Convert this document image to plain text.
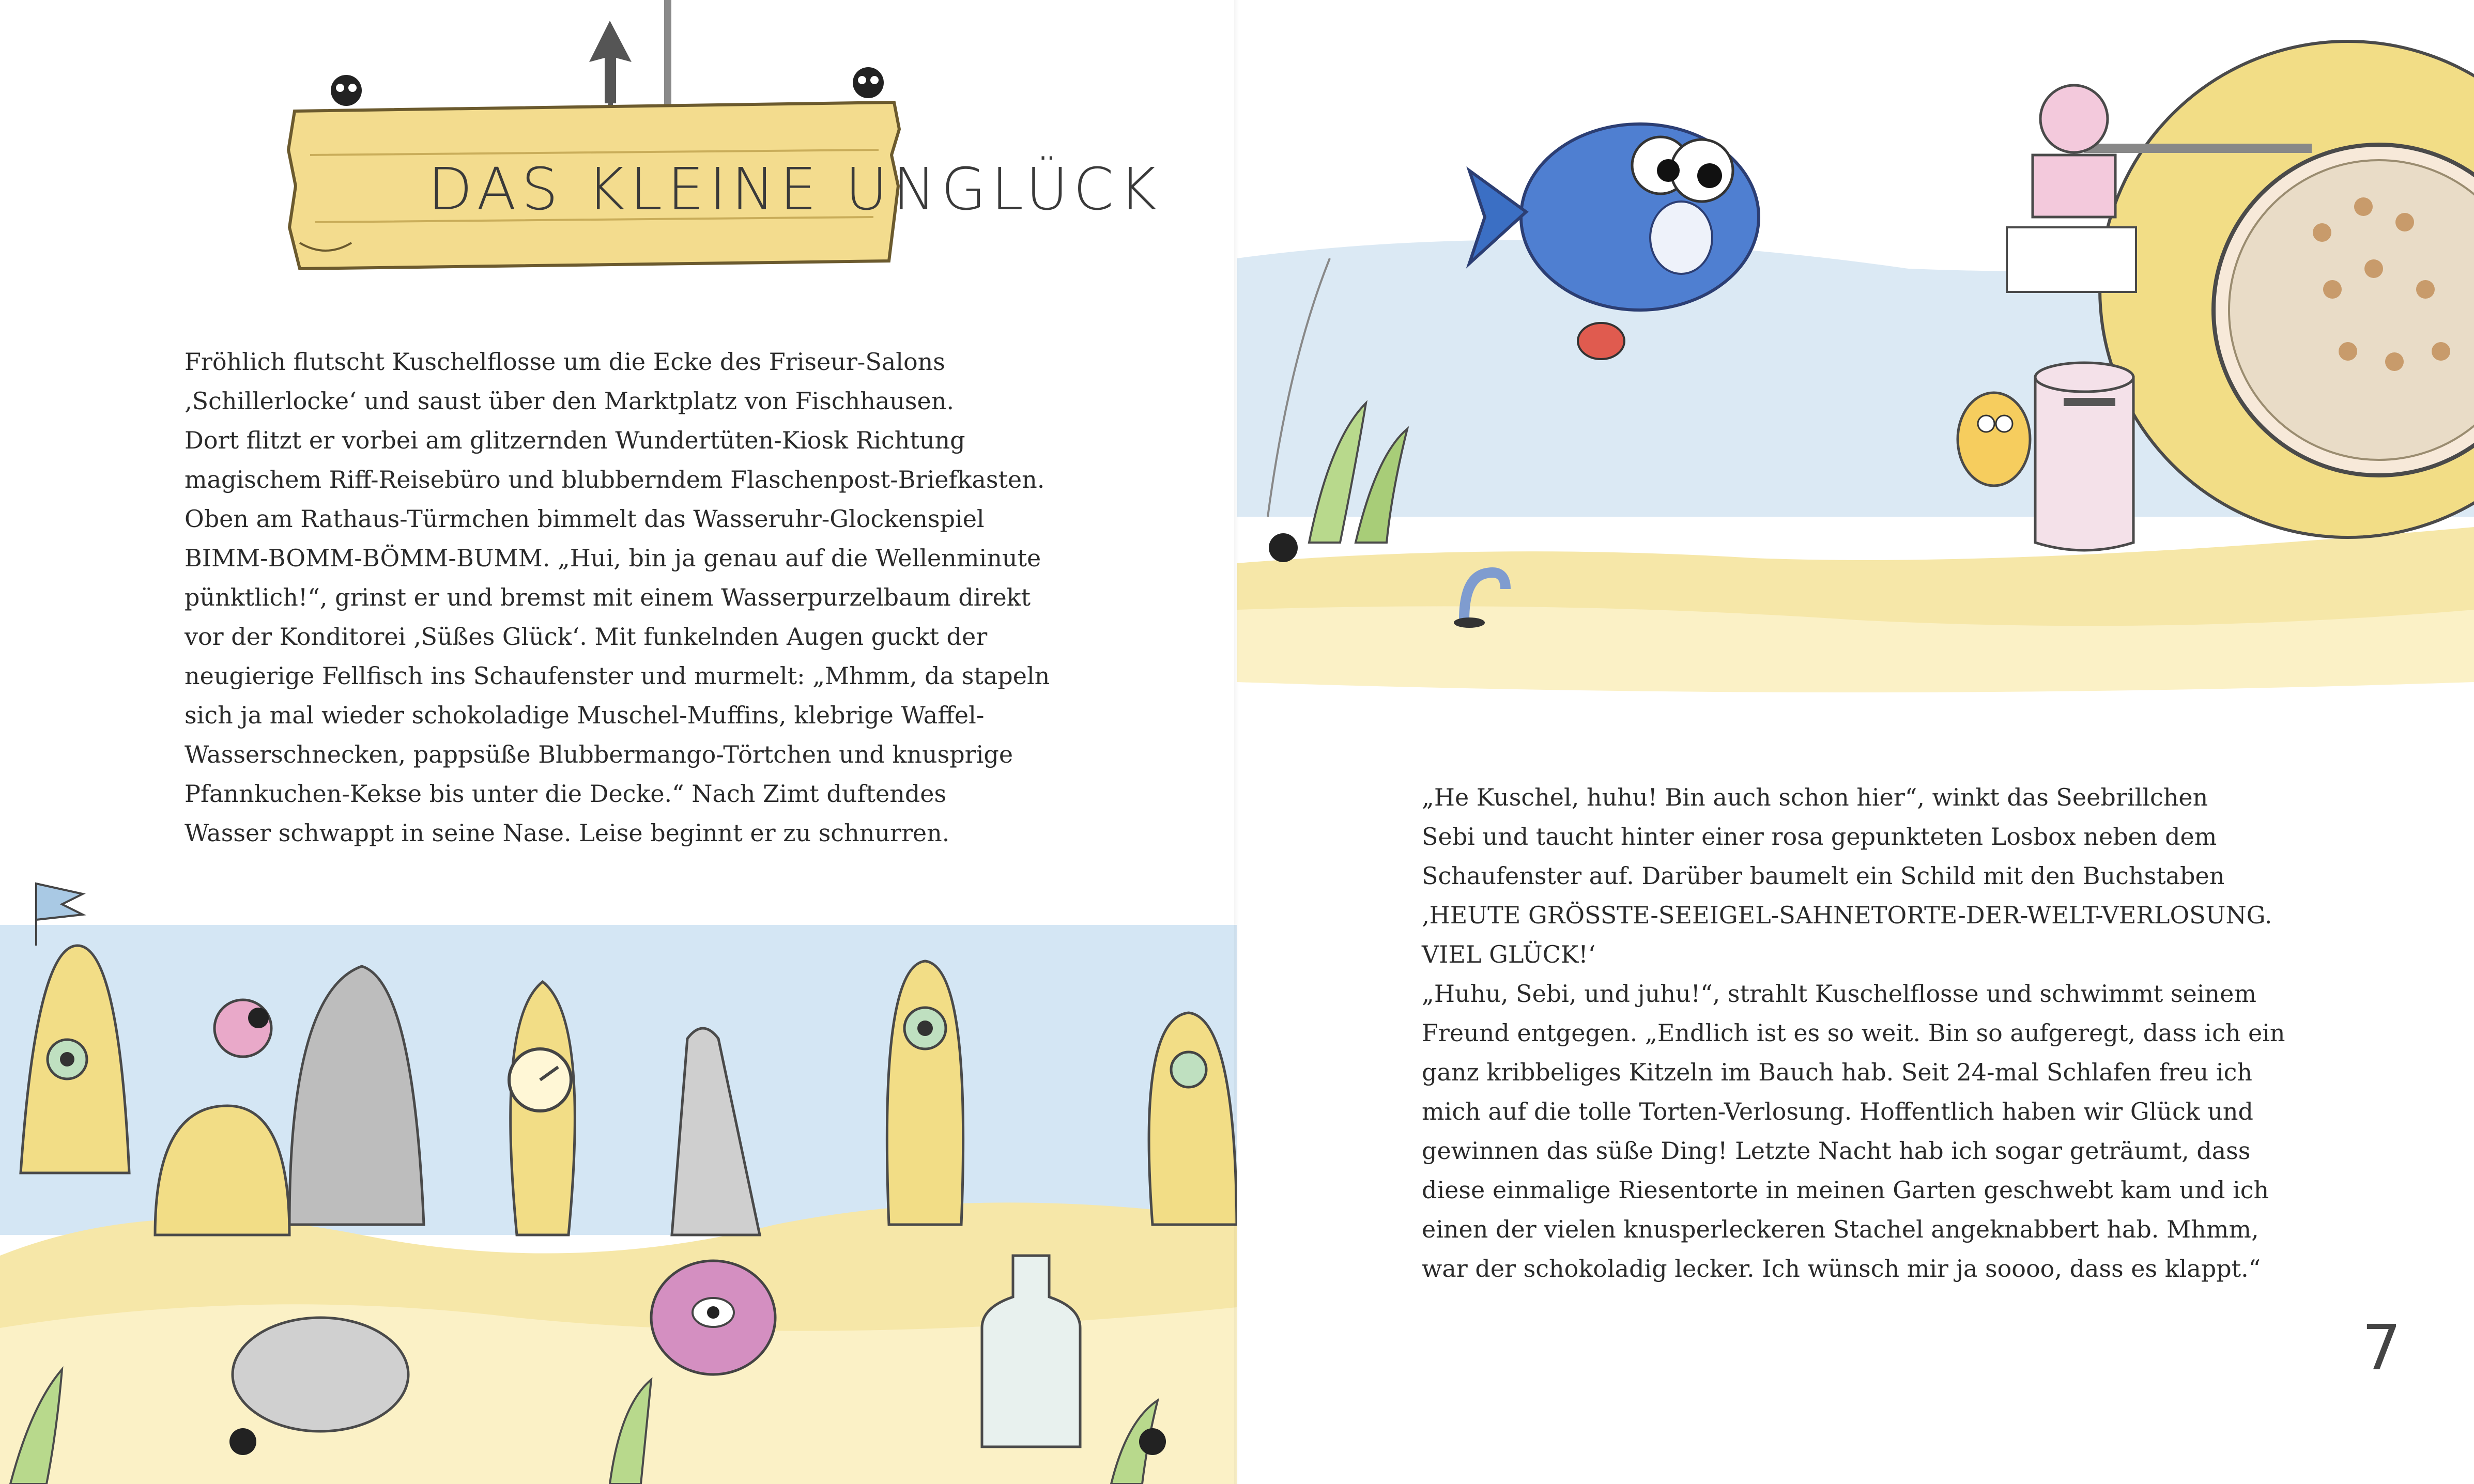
DAS KLEINE UNGLÜCK

Fröhlich flutscht Kuschelflosse um die Ecke des Friseur-Salons
‚Schillerlocke‘ und saust über den Marktplatz von Fischhausen.
Dort flitzt er vorbei am glitzernden Wundertüten-Kiosk Richtung
magischem Riff-Reisebüro und blubberndem Flaschenpost-Briefkasten.
Oben am Rathaus-Türmchen bimmelt das Wasseruhr-Glockenspiel
BIMM-BOMM-BÖMM-BUMM. „Hui, bin ja genau auf die Wellenminute
pünktlich!“, grinst er und bremst mit einem Wasserpurzelbaum direkt
vor der Konditorei ‚Süßes Glück‘. Mit funkelnden Augen guckt der
neugierige Fellfisch ins Schaufenster und murmelt: „Mhmm, da stapeln
sich ja mal wieder schokoladige Muschel-Muffins, klebrige Waffel-
Wasserschnecken, pappsüße Blubbermango-Törtchen und knusprige
Pfannkuchen-Kekse bis unter die Decke.“ Nach Zimt duftendes
Wasser schwappt in seine Nase. Leise beginnt er zu schnurren.

„He Kuschel, huhu! Bin auch schon hier“, winkt das Seebrillchen
Sebi und taucht hinter einer rosa gepunkteten Losbox neben dem
Schaufenster auf. Darüber baumelt ein Schild mit den Buchstaben
‚HEUTE GRÖSSTE-SEEIGEL-SAHNETORTE-DER-WELT-VERLOSUNG.
VIEL GLÜCK!‘

„Huhu, Sebi, und juhu!“, strahlt Kuschelflosse und schwimmt seinem
Freund entgegen. „Endlich ist es so weit. Bin so aufgeregt, dass ich ein
ganz kribbeliges Kitzeln im Bauch hab. Seit 24-mal Schlafen freu ich
mich auf die tolle Torten-Verlosung. Hoffentlich haben wir Glück und
gewinnen das süße Ding! Letzte Nacht hab ich sogar geträumt, dass
diese einmalige Riesentorte in meinen Garten geschwebt kam und ich
einen der vielen knusperleckeren Stachel angeknabbert hab. Mhmm,
war der schokoladig lecker. Ich wünsch mir ja soooo, dass es klappt.“

7
